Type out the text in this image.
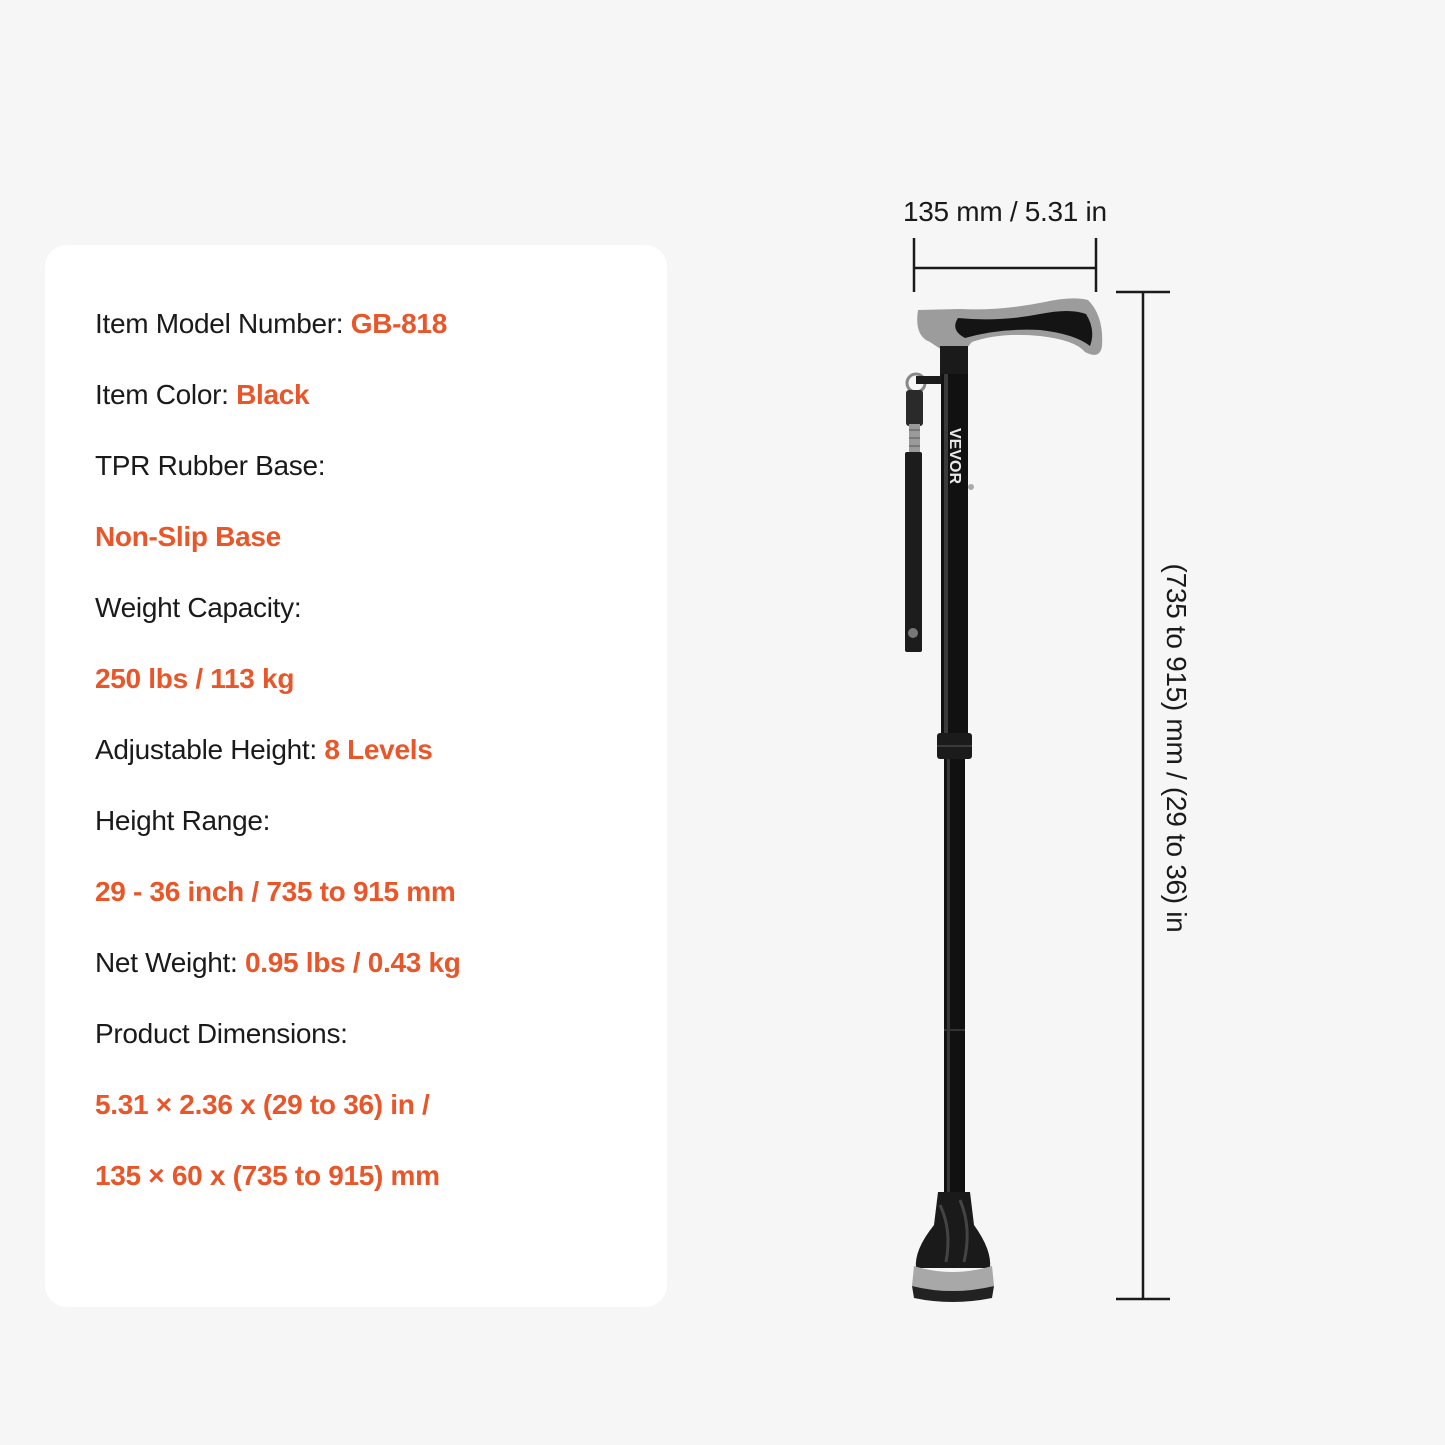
Item Model Number: GB-818
Item Color: Black
TPR Rubber Base:
Non-Slip Base
Weight Capacity:
250 lbs / 113 kg
Adjustable Height: 8 Levels
Height Range:
29 - 36 inch / 735 to 915 mm
Net Weight: 0.95 lbs / 0.43 kg
Product Dimensions:
5.31 × 2.36 x (29 to 36) in /
135 × 60 x (735 to 915) mm
VEVOR
135 mm / 5.31 in
(735 to 915) mm / (29 to 36) in
